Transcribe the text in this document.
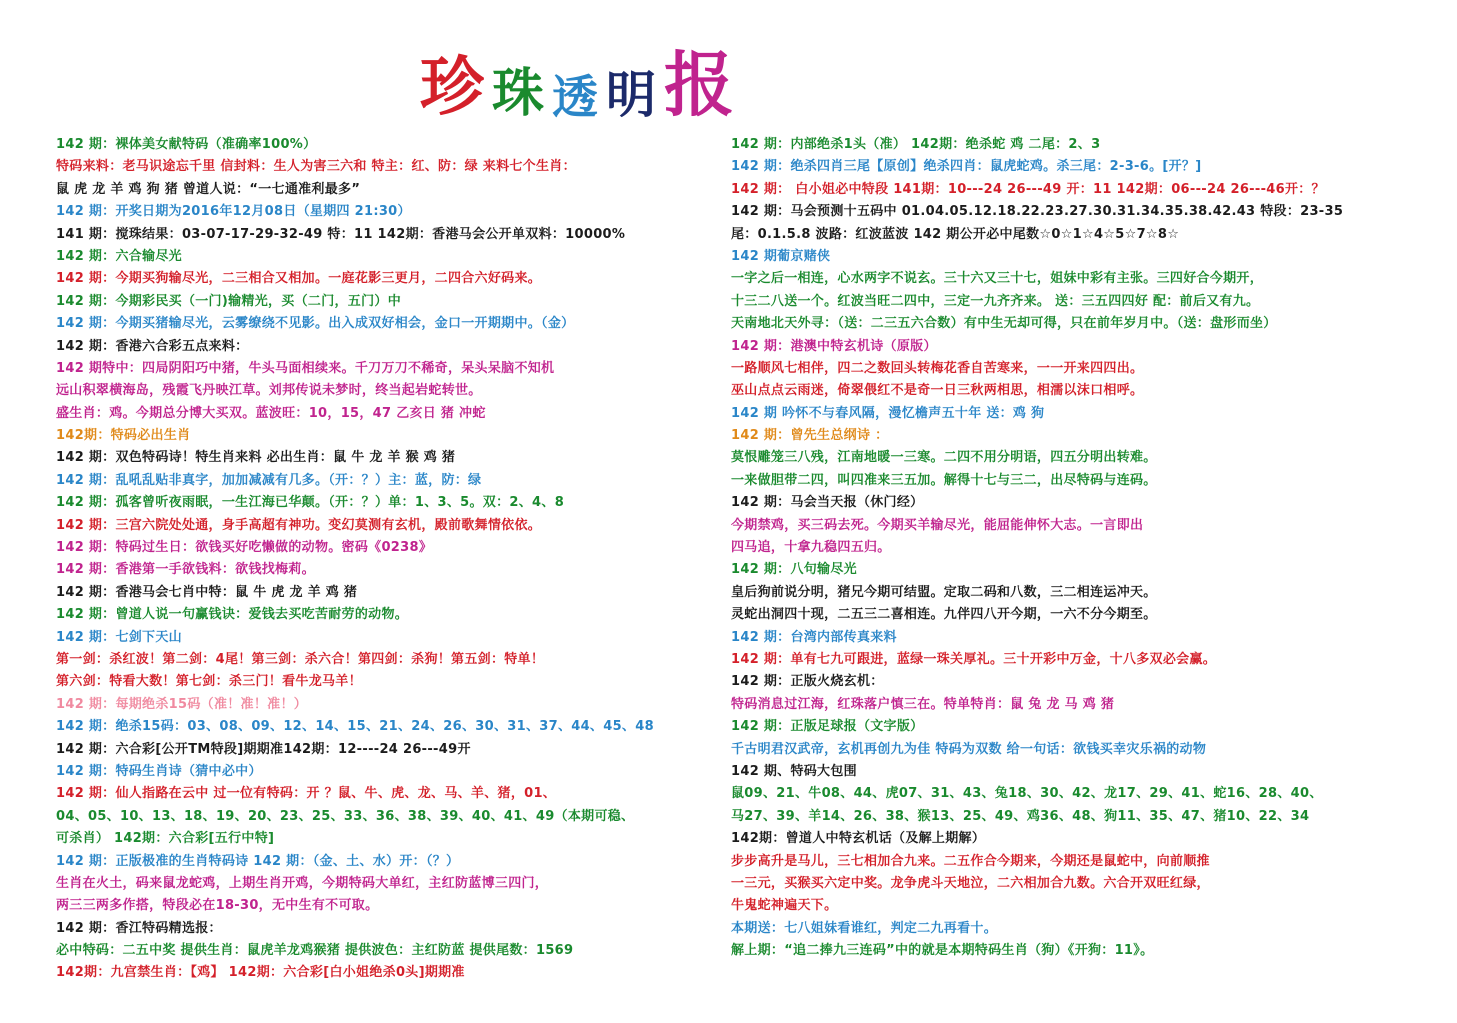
珍 珠 透 明 报
142 期：裸体美女献特码（准确率100%）
特码来料：老马识途忘千里 信封料：生人为害三六和 特主：红、防：绿 来料七个生肖：
鼠 虎 龙 羊 鸡 狗 猪 曾道人说：“一七通准利最多”
142 期：开奖日期为2016年12月08日（星期四 21:30）
141 期：搅珠结果：03-07-17-29-32-49 特：11 142期：香港马会公开单双料：10000%
142 期：六合输尽光
142 期：今期买狗输尽光，二三相合又相加。一庭花影三更月，二四合六好码来。
142 期：今期彩民买（一门)输精光，买（二门，五门）中
142 期：今期买猪输尽光，云雾缭绕不见影。出入成双好相会，金口一开期期中。（金）
142 期：香港六合彩五点来料：
142 期特中：四局阴阳巧中猪，牛头马面相续来。千刀万刀不稀奇，呆头呆脑不知机
远山积翠横海岛，残霞飞丹映江草。刘邦传说未梦时，终当起岩蛇转世。
盛生肖：鸡。今期总分博大买双。蓝波旺：10，15，47 乙亥日 猪 冲蛇
142期：特码必出生肖
142 期：双色特码诗！特生肖来料 必出生肖：鼠 牛 龙 羊 猴 鸡 猪
142 期：乱吼乱贴非真字，加加减减有几多。（开：？）主：蓝，防：绿
142 期：孤客曾听夜雨眠，一生江海已华颠。（开：？）单：1、3、5。双：2、4、8
142 期：三宫六院处处通，身手高超有神功。变幻莫测有玄机，殿前歌舞情依依。
142 期：特码过生日：欲钱买好吃懒做的动物。密码《0238》
142 期：香港第一手欲钱料：欲钱找梅莉。
142 期：香港马会七肖中特：鼠 牛 虎 龙 羊 鸡 猪
142 期：曾道人说一句赢钱诀：爱钱去买吃苦耐劳的动物。
142 期：七剑下天山
第一剑：杀红波！第二剑：4尾！第三剑：杀六合！第四剑：杀狗！第五剑：特单！
第六剑：特看大数！第七剑：杀三门！看牛龙马羊！
142 期：每期绝杀15码（准！准！准！）
142 期：绝杀15码：03、08、09、12、14、15、21、24、26、30、31、37、44、45、48
142 期：六合彩[公开TM特段]期期准142期：12----24 26---49开
142 期：特码生肖诗（猜中必中）
142 期：仙人指路在云中 过一位有特码：开 ？鼠、牛、虎、龙、马、羊、猪，01、
04、05、10、13、18、19、20、23、25、33、36、38、39、40、41、49（本期可稳、
可杀肖） 142期：六合彩[五行中特]
142 期：正版极准的生肖特码诗 142 期：（金、土、水）开：（？）
生肖在火土，码来鼠龙蛇鸡，上期生肖开鸡，今期特码大单红，主红防蓝博三四门，
两三三两多作搭，特段必在18-30，无中生有不可取。
142 期：香江特码精选报：
必中特码：二五中奖 提供生肖：鼠虎羊龙鸡猴猪 提供波色：主红防蓝 提供尾数：1569
142期：九宫禁生肖：【鸡】 142期：六合彩[白小姐绝杀0头]期期准
142 期：内部绝杀1头（准） 142期：绝杀蛇 鸡 二尾：2、3
142 期：绝杀四肖三尾【原创】绝杀四肖：鼠虎蛇鸡。杀三尾：2-3-6。[开？]
142 期： 白小姐必中特段 141期：10---24 26---49 开：11 142期：06---24 26---46开：？
142 期：马会预测十五码中 01.04.05.12.18.22.23.27.30.31.34.35.38.42.43 特段：23-35
尾：0.1.5.8 波路：红波蓝波 142 期公开必中尾数☆0☆1☆4☆5☆7☆8☆
142 期葡京赌侠
一字之后一相连，心水两字不说玄。三十六又三十七，姐妹中彩有主张。三四好合今期开，
十三二八送一个。红波当旺二四中，三定一九齐齐来。 送：三五四四好 配：前后又有九。
天南地北天外寻：（送：二三五六合数）有中生无却可得，只在前年岁月中。（送：盘形而坐）
142 期：港澳中特玄机诗（原版）
一路顺风七相伴，四二之数回头转梅花香自苦寒来，一一开来四四出。
巫山点点云雨迷，倚翠偎红不是奇一日三秋两相思，相濡以沫口相呼。
142 期 吟怀不与春风隔，漫忆檐声五十年 送：鸡 狗
142 期：曾先生总纲诗 ：
莫恨雕笼三八残，江南地暖一三寒。二四不用分明语，四五分明出转难。
一来做胆带二四，叫四准来三五加。解得十七与三二，出尽特码与连码。
142 期：马会当天报（休门经）
今期禁鸡，买三码去死。今期买羊输尽光，能屈能伸怀大志。一言即出
四马追，十拿九稳四五归。
142 期：八句输尽光
皇后狗前说分明，猪兄今期可结盟。定取二码和八数，三二相连运冲天。
灵蛇出洞四十现，二五三二喜相连。九伴四八开今期，一六不分今期至。
142 期：台湾内部传真来料
142 期：单有七九可跟进，蓝绿一珠关厚礼。三十开彩中万金，十八多双必会赢。
142 期：正版火烧玄机：
特码消息过江海，红珠落户慎三在。特单特肖：鼠 兔 龙 马 鸡 猪
142 期：正版足球报（文字版）
千古明君汉武帝，玄机再创九为佳 特码为双数 给一句话：欲钱买幸灾乐祸的动物
142 期、特码大包围
鼠09、21、牛08、44、虎07、31、43、兔18、30、42、龙17、29、41、蛇16、28、40、
马27、39、羊14、26、38、猴13、25、49、鸡36、48、狗11、35、47、猪10、22、34
142期：曾道人中特玄机话（及解上期解）
步步高升是马儿，三七相加合九来。二五作合今期来，今期还是鼠蛇中，向前顺推
一三元，买猴买六定中奖。龙争虎斗天地泣，二六相加合九数。六合开双旺红绿，
牛鬼蛇神遍天下。
本期送：七八姐妹看谁红，判定二九再看十。
解上期：“追二捧九三连码”中的就是本期特码生肖（狗）《开狗：11》。
